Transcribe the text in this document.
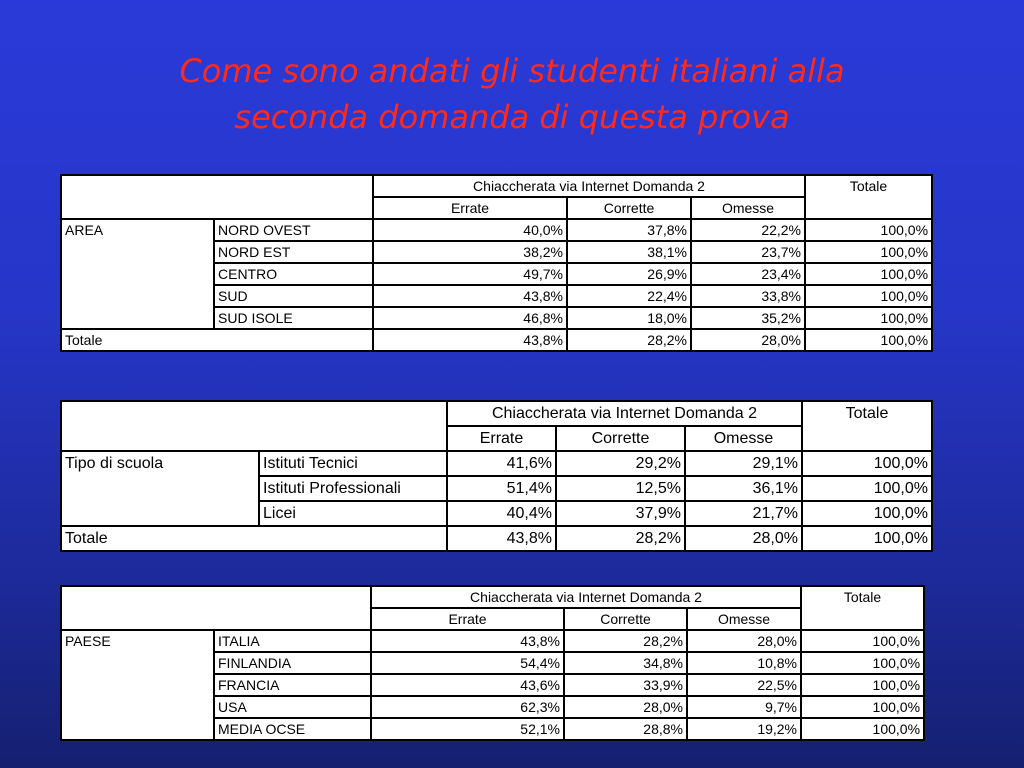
Come sono andati gli studenti italiani alla
seconda domanda di questa prova
		Chiaccherata via Internet Domanda 2			Totale
		Errate	Corrette	Omesse	
AREA	NORD OVEST	40,0%	37,8%	22,2%	100,0%
	NORD EST	38,2%	38,1%	23,7%	100,0%
	CENTRO	49,7%	26,9%	23,4%	100,0%
	SUD	43,8%	22,4%	33,8%	100,0%
	SUD ISOLE	46,8%	18,0%	35,2%	100,0%
Totale		43,8%	28,2%	28,0%	100,0%
		Chiaccherata via Internet Domanda 2			Totale
		Errate	Corrette	Omesse	
Tipo di scuola	Istituti Tecnici	41,6%	29,2%	29,1%	100,0%
	Istituti Professionali	51,4%	12,5%	36,1%	100,0%
	Licei	40,4%	37,9%	21,7%	100,0%
Totale		43,8%	28,2%	28,0%	100,0%
		Chiaccherata via Internet Domanda 2			Totale
		Errate	Corrette	Omesse	
PAESE	ITALIA	43,8%	28,2%	28,0%	100,0%
	FINLANDIA	54,4%	34,8%	10,8%	100,0%
	FRANCIA	43,6%	33,9%	22,5%	100,0%
	USA	62,3%	28,0%	9,7%	100,0%
	MEDIA OCSE	52,1%	28,8%	19,2%	100,0%
